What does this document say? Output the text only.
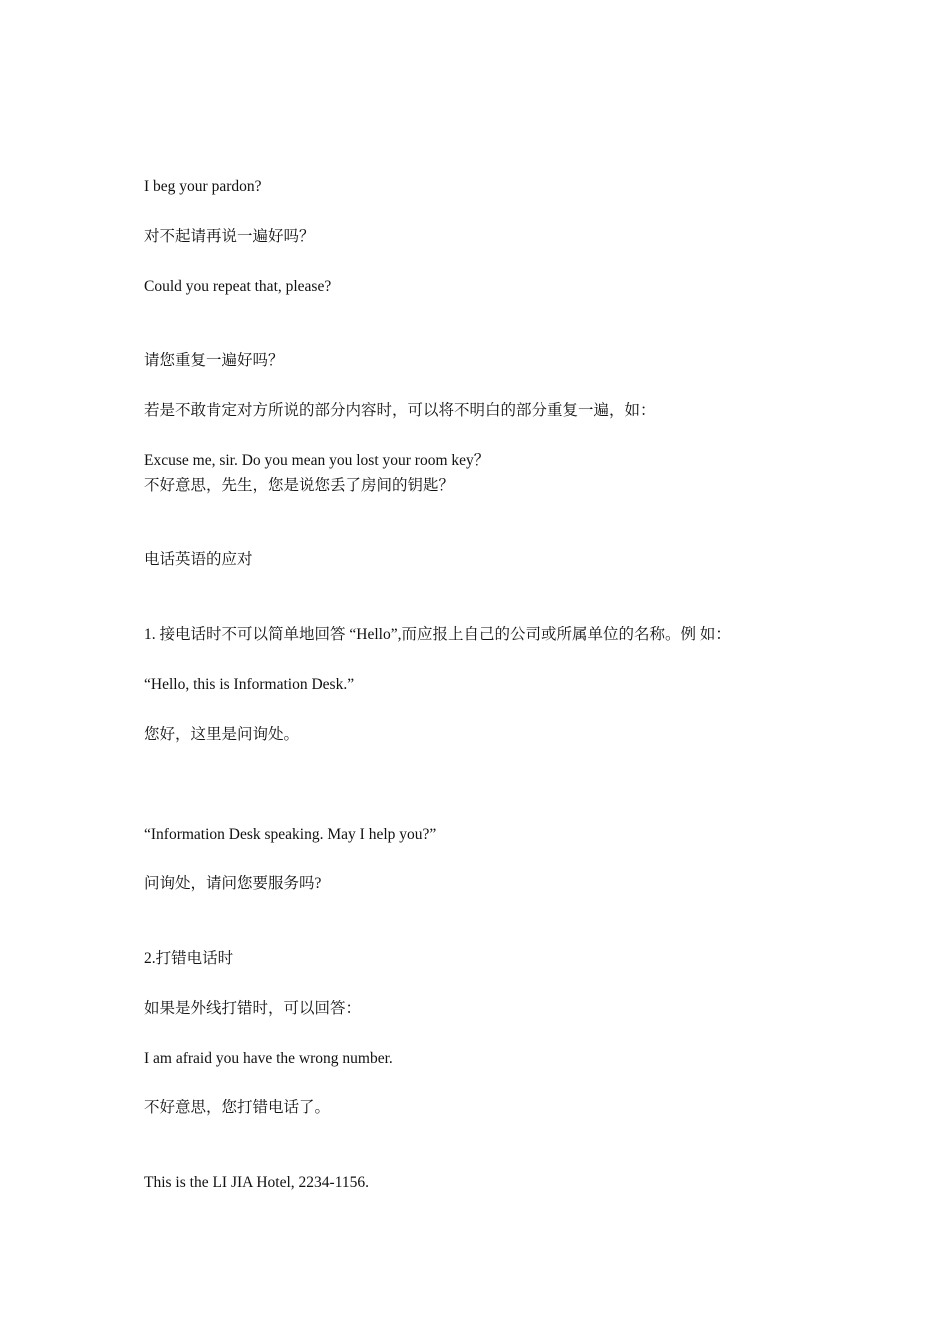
I beg your pardon?
对不起请再说一遍好吗？
Could you repeat that, please?
请您重复一遍好吗？
若是不敢肯定对方所说的部分内容时，可以将不明白的部分重复一遍，如：
Excuse me, sir. Do you mean you lost your room key？
不好意思，先生，您是说您丢了房间的钥匙？
电话英语的应对
1. 接电话时不可以简单地回答 “Hello”,而应报上自己的公司或所属单位的名称。例 如：
“Hello, this is Information Desk.”
您好，这里是问询处。
“Information Desk speaking. May I help you?”
问询处，请问您要服务吗?
2.打错电话时
如果是外线打错时，可以回答：
I am afraid you have the wrong number.
不好意思，您打错电话了。
This is the LI JIA Hotel, 2234-1156.
